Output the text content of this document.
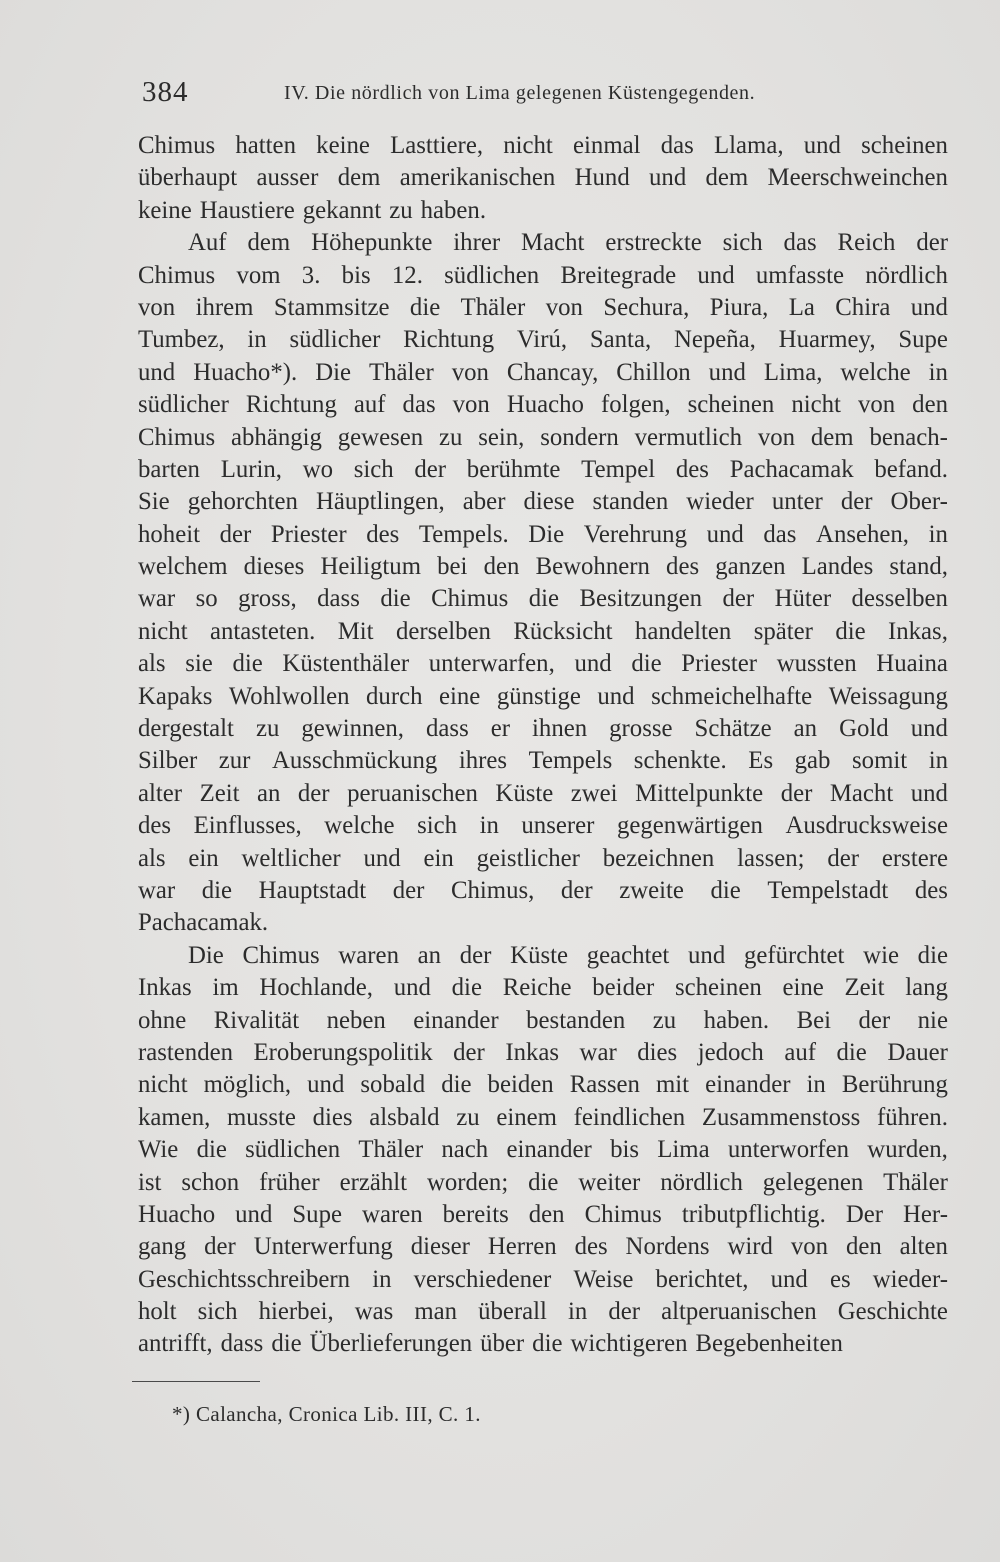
384	IV. Die nördlich von Lima gelegenen Küstengegenden.
Chimus hatten keine Lasttiere, nicht einmal das Llama, und scheinen
überhaupt ausser dem amerikanischen Hund und dem Meerschweinchen
keine Haustiere gekannt zu haben.
Auf dem Höhepunkte ihrer Macht erstreckte sich das Reich der
Chimus vom 3. bis 12. südlichen Breitegrade und umfasste nördlich
von ihrem Stammsitze die Thäler von Sechura, Piura, La Chira und
Tumbez, in südlicher Richtung Virú, Santa, Nepeña, Huarmey, Supe
und Huacho*). Die Thäler von Chancay, Chillon und Lima, welche in
südlicher Richtung auf das von Huacho folgen, scheinen nicht von den
Chimus abhängig gewesen zu sein, sondern vermutlich von dem benach-
barten Lurin, wo sich der berühmte Tempel des Pachacamak befand.
Sie gehorchten Häuptlingen, aber diese standen wieder unter der Ober-
hoheit der Priester des Tempels. Die Verehrung und das Ansehen, in
welchem dieses Heiligtum bei den Bewohnern des ganzen Landes stand,
war so gross, dass die Chimus die Besitzungen der Hüter desselben
nicht antasteten. Mit derselben Rücksicht handelten später die Inkas,
als sie die Küstenthäler unterwarfen, und die Priester wussten Huaina
Kapaks Wohlwollen durch eine günstige und schmeichelhafte Weissagung
dergestalt zu gewinnen, dass er ihnen grosse Schätze an Gold und
Silber zur Ausschmückung ihres Tempels schenkte. Es gab somit in
alter Zeit an der peruanischen Küste zwei Mittelpunkte der Macht und
des Einflusses, welche sich in unserer gegenwärtigen Ausdrucksweise
als ein weltlicher und ein geistlicher bezeichnen lassen; der erstere
war die Hauptstadt der Chimus, der zweite die Tempelstadt des
Pachacamak.
Die Chimus waren an der Küste geachtet und gefürchtet wie die
Inkas im Hochlande, und die Reiche beider scheinen eine Zeit lang
ohne Rivalität neben einander bestanden zu haben. Bei der nie
rastenden Eroberungspolitik der Inkas war dies jedoch auf die Dauer
nicht möglich, und sobald die beiden Rassen mit einander in Berührung
kamen, musste dies alsbald zu einem feindlichen Zusammenstoss führen.
Wie die südlichen Thäler nach einander bis Lima unterworfen wurden,
ist schon früher erzählt worden; die weiter nördlich gelegenen Thäler
Huacho und Supe waren bereits den Chimus tributpflichtig. Der Her-
gang der Unterwerfung dieser Herren des Nordens wird von den alten
Geschichtsschreibern in verschiedener Weise berichtet, und es wieder-
holt sich hierbei, was man überall in der altperuanischen Geschichte
antrifft, dass die Überlieferungen über die wichtigeren Begebenheiten
*) Calancha, Cronica Lib. III, C. 1.
